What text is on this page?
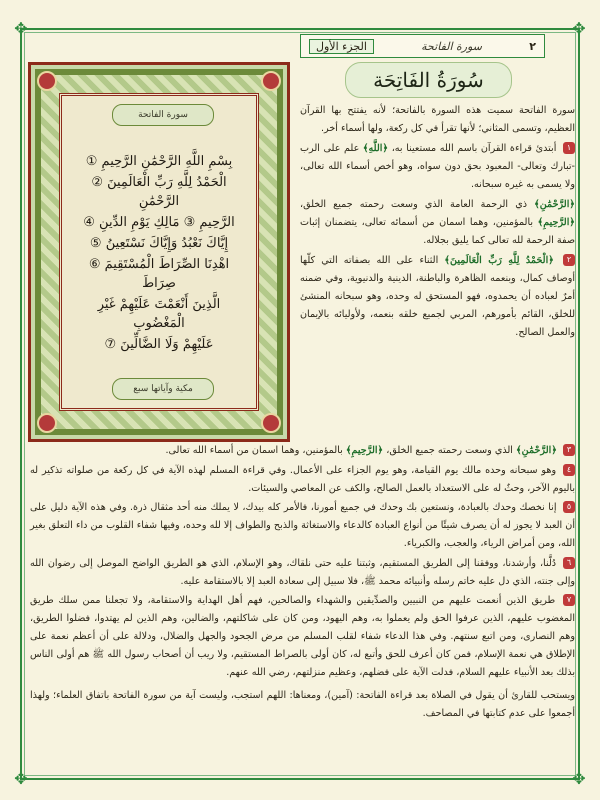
✥	✥
✥	✥
٢
سورة الفاتحة
الجزء الأول
سورة الفاتحة
بِسْمِ اللَّهِ الرَّحْمَٰنِ الرَّحِيمِ ①
الْحَمْدُ لِلَّهِ رَبِّ الْعَالَمِينَ ② الرَّحْمَٰنِ
الرَّحِيمِ ③ مَالِكِ يَوْمِ الدِّينِ ④
إِيَّاكَ نَعْبُدُ وَإِيَّاكَ نَسْتَعِينُ ⑤
اهْدِنَا الصِّرَاطَ الْمُسْتَقِيمَ ⑥ صِرَاطَ
الَّذِينَ أَنْعَمْتَ عَلَيْهِمْ غَيْرِ الْمَغْضُوبِ
عَلَيْهِمْ وَلَا الضَّالِّينَ ⑦
مكية وآياتها سبع
سُورَةُ الفَاتِحَة

سورة الفاتحة سميت هذه السورة بالفاتحة؛ لأنه يفتتح بها القرآن العظيم، وتسمى المثاني؛ لأنها تقرأ في كل ركعة، ولها أسماء أخر.

١ أبتدئ قراءة القرآن باسم الله مستعينا به، ﴿اللَّهِ﴾ علم على الرب -تبارك وتعالى- المعبود بحق دون سواه، وهو أخص أسماء الله تعالى، ولا يسمى به غيره سبحانه.

﴿الرَّحْمَٰنِ﴾ ذي الرحمة العامة الذي وسعت رحمته جميع الخلق، ﴿الرَّحِيمِ﴾ بالمؤمنين، وهما اسمان من أسمائه تعالى، يتضمنان إثبات صفة الرحمة لله تعالى كما يليق بجلاله.

٢ ﴿الْحَمْدُ لِلَّهِ رَبِّ الْعَالَمِينَ﴾ الثناء على الله بصفاته التي كلّها أوصاف كمال، وبنعمه الظاهرة والباطنة، الدينية والدنيوية، وفي ضمنه أمرٌ لعباده أن يحمدوه، فهو المستحق له وحده، وهو سبحانه المنشئ للخلق، القائم بأمورهم، المربي لجميع خلقه بنعمه، ولأوليائه بالإيمان والعمل الصالح.

٣ ﴿الرَّحْمَٰنِ﴾ الذي وسعت رحمته جميع الخلق، ﴿الرَّحِيمِ﴾ بالمؤمنين، وهما اسمان من أسماء الله تعالى.

٤ وهو سبحانه وحده مالك يوم القيامة، وهو يوم الجزاء على الأعمال. وفي قراءة المسلم لهذه الآية في كل ركعة من صلواته تذكير له باليوم الآخر، وحثٌ له على الاستعداد بالعمل الصالح، والكف عن المعاصي والسيئات.

٥ إنا نخصك وحدك بالعبادة، ونستعين بك وحدك في جميع أمورنا، فالأمر كله بيدك، لا يملك منه أحد مثقال ذرة. وفي هذه الآية دليل على أن العبد لا يجوز له أن يصرف شيئًا من أنواع العبادة كالدعاء والاستغاثة والذبح والطواف إلا لله وحده، وفيها شفاء القلوب من داء التعلق بغير الله، ومن أمراض الرياء، والعجب، والكبرياء.

٦ دُلَّنا، وأرشدنا، ووفقنا إلى الطريق المستقيم، وثبتنا عليه حتى نلقاك، وهو الإسلام، الذي هو الطريق الواضح الموصل إلى رضوان الله وإلى جنته، الذي دل عليه خاتم رسله وأنبيائه محمد ﷺ، فلا سبيل إلى سعادة العبد إلا بالاستقامة عليه.

٧ طريق الذين أنعمت عليهم من النبيين والصدِّيقين والشهداء والصالحين، فهم أهل الهداية والاستقامة، ولا تجعلنا ممن سلك طريق المغضوب عليهم، الذين عرفوا الحق ولم يعملوا به، وهم اليهود، ومن كان على شاكلتهم، والضالين، وهم الذين لم يهتدوا، فضلوا الطريق، وهم النصارى، ومن اتبع سنتهم. وفي هذا الدعاء شفاء لقلب المسلم من مرض الجحود والجهل والضلال، ودلالة على أن أعظم نعمة على الإطلاق هي نعمة الإسلام، فمن كان أعرف للحق وأتبع له، كان أولى بالصراط المستقيم، ولا ريب أن أصحاب رسول الله ﷺ هم أولى الناس بذلك بعد الأنبياء عليهم السلام، فدلت الآية على فضلهم، وعظيم منزلتهم، رضي الله عنهم.

ويستحب للقارئ أن يقول في الصلاة بعد قراءة الفاتحة: (آمين)، ومعناها: اللهم استجب، وليست آية من سورة الفاتحة باتفاق العلماء؛ ولهذا أجمعوا على عدم كتابتها في المصاحف.
